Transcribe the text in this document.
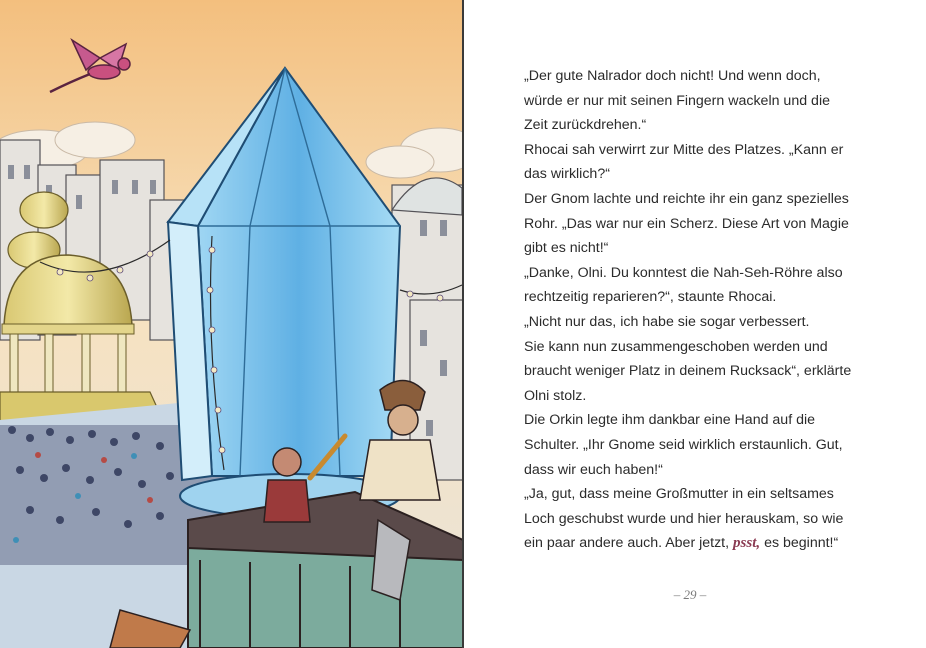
„Der gute Nalrador doch nicht! Und wenn doch,
würde er nur mit seinen Fingern wackeln und die
Zeit zurückdrehen.“
Rhocai sah verwirrt zur Mitte des Platzes. „Kann er
das wirklich?“
Der Gnom lachte und reichte ihr ein ganz spezielles
Rohr. „Das war nur ein Scherz. Diese Art von Magie
gibt es nicht!“
„Danke, Olni. Du konntest die Nah-Seh-Röhre also
rechtzeitig reparieren?“, staunte Rhocai.
„Nicht nur das, ich habe sie sogar verbessert.
Sie kann nun zusammengeschoben werden und
braucht weniger Platz in deinem Rucksack“, erklärte
Olni stolz.
Die Orkin legte ihm dankbar eine Hand auf die
Schulter. „Ihr Gnome seid wirklich erstaunlich. Gut,
dass wir euch haben!“
„Ja, gut, dass meine Großmutter in ein seltsames
Loch geschubst wurde und hier herauskam, so wie
ein paar andere auch. Aber jetzt, psst, es beginnt!“
– 29 –
